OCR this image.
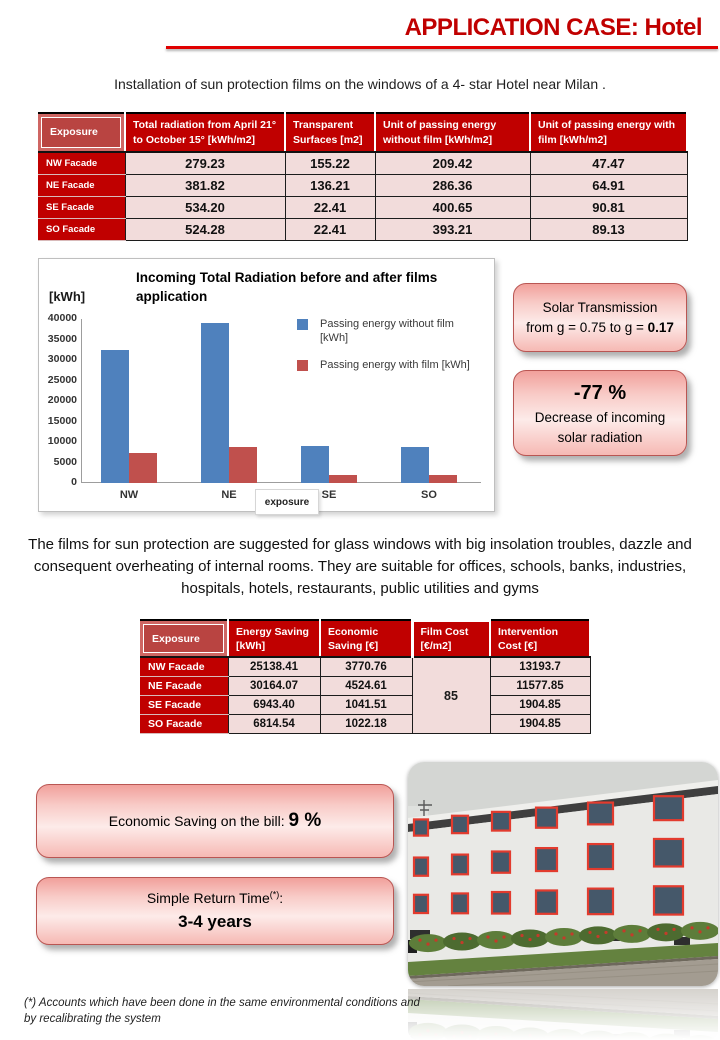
APPLICATION CASE: Hotel
Installation of sun protection films on the windows of a 4- star Hotel near Milan .
Exposure	Total radiation from April 21° to October 15° [kWh/m2]	Transparent Surfaces [m2]	Unit of passing energy without film [kWh/m2]	Unit of passing energy with film [kWh/m2]
NW Facade	279.23	155.22	209.42	47.47
NE Facade	381.82	136.21	286.36	64.91
SE Facade	534.20	22.41	400.65	90.81
SO Facade	524.28	22.41	393.21	89.13
Incoming Total Radiation before and after films application
[kWh]
40000
35000
30000
25000
20000
15000
10000
5000
0
Passing energy without film [kWh]
Passing energy with film [kWh]
NW	NE	SE	SO
exposure
Solar Transmission
from g = 0.75 to g = 0.17
-77 %
Decrease of incoming
solar radiation
The films for sun protection are suggested for glass windows with big insolation troubles, dazzle and consequent overheating of internal rooms. They are suitable for offices, schools, banks, industries, hospitals, hotels, restaurants, public utilities and gyms
Exposure	Energy Saving [kWh]	Economic Saving [€]	Film Cost [€/m2]	Intervention Cost [€]
NW Facade	25138.41	3770.76	85	13193.7
NE Facade	30164.07	4524.61		11577.85
SE Facade	6943.40	1041.51		1904.85
SO Facade	6814.54	1022.18		1904.85
Economic Saving on the bill: 9 %
Simple Return Time(*):
3-4 years
(*) Accounts which have been done in the same environmental conditions and by recalibrating the system
